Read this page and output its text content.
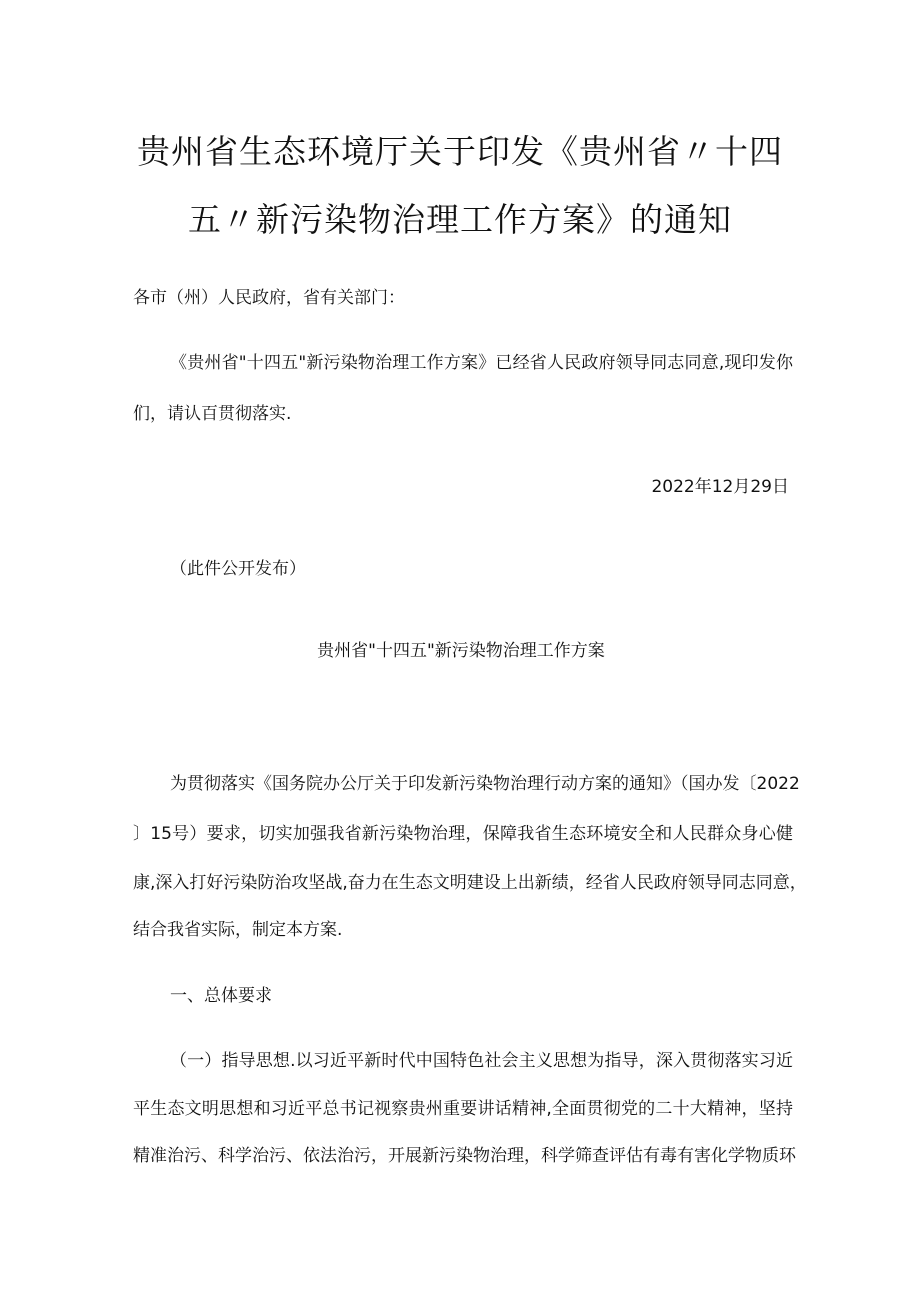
贵州省生态环境厅关于印发《贵州省〃十四
五〃新污染物治理工作方案》的通知
各市（州）人民政府，省有关部门：
《贵州省"十四五"新污染物治理工作方案》已经省人民政府领导同志同意,现印发你
们，请认百贯彻落实.
2022年12月29日
（此件公开发布）
贵州省"十四五"新污染物治理工作方案
为贯彻落实《国务院办公厅关于印发新污染物治理行动方案的通知》（国办发〔2022
〕15号）要求，切实加强我省新污染物治理，保障我省生态环境安全和人民群众身心健
康,深入打好污染防治攻坚战,奋力在生态文明建设上出新绩，经省人民政府领导同志同意，
结合我省实际，制定本方案.
一、总体要求
（一）指导思想.以习近平新时代中国特色社会主义思想为指导，深入贯彻落实习近
平生态文明思想和习近平总书记视察贵州重要讲话精神,全面贯彻党的二十大精神，坚持
精准治污、科学治污、依法治污，开展新污染物治理，科学筛查评估有毒有害化学物质环
